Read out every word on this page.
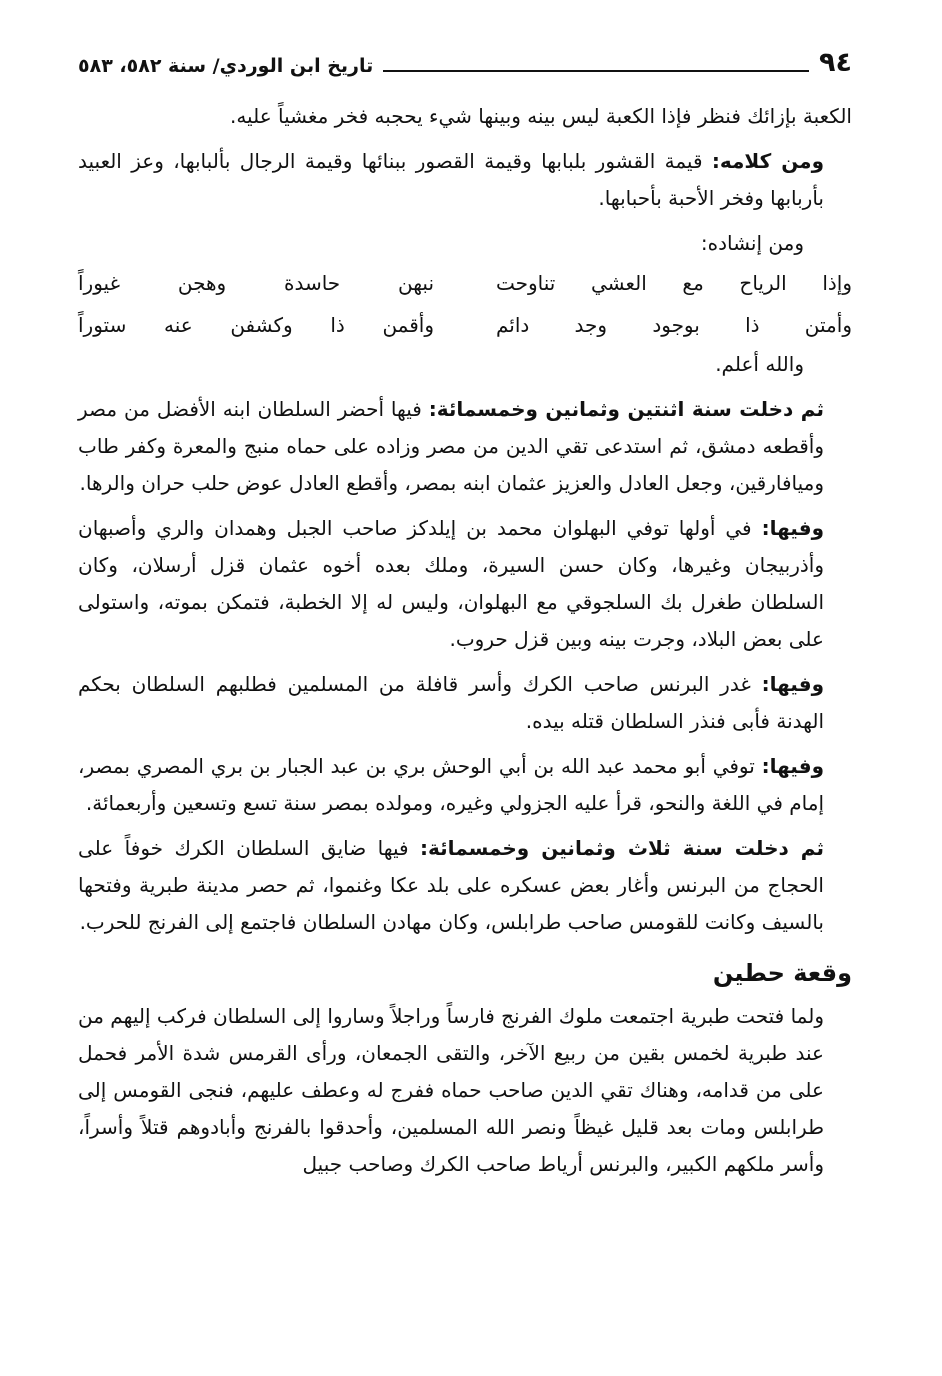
٩٤
تاريخ ابن الوردي/ سنة ٥٨٢، ٥٨٣

الكعبة بإزائك فنظر فإذا الكعبة ليس بينه وبينها شيء يحجبه فخر مغشياً عليه.

ومن كلامه: قيمة القشور بلبابها وقيمة القصور ببنائها وقيمة الرجال بألبابها، وعز العبيد بأربابها وفخر الأحبة بأحبابها.

ومن إنشاده:

وإذا الرياح مع العشي تناوحت
نبهن حاسدة وهجن غيوراً
وأمتن ذا بوجود وجد دائم
وأقمن ذا وكشفن عنه ستوراً

والله أعلم.

ثم دخلت سنة اثنتين وثمانين وخمسمائة: فيها أحضر السلطان ابنه الأفضل من مصر وأقطعه دمشق، ثم استدعى تقي الدين من مصر وزاده على حماه منبج والمعرة وكفر طاب وميافارقين، وجعل العادل والعزيز عثمان ابنه بمصر، وأقطع العادل عوض حلب حران والرها.

وفيها: في أولها توفي البهلوان محمد بن إيلدكز صاحب الجبل وهمدان والري وأصبهان وأذربيجان وغيرها، وكان حسن السيرة، وملك بعده أخوه عثمان قزل أرسلان، وكان السلطان طغرل بك السلجوقي مع البهلوان، وليس له إلا الخطبة، فتمكن بموته، واستولى على بعض البلاد، وجرت بينه وبين قزل حروب.

وفيها: غدر البرنس صاحب الكرك وأسر قافلة من المسلمين فطلبهم السلطان بحكم الهدنة فأبى فنذر السلطان قتله بيده.

وفيها: توفي أبو محمد عبد الله بن أبي الوحش بري بن عبد الجبار بن بري المصري بمصر، إمام في اللغة والنحو، قرأ عليه الجزولي وغيره، ومولده بمصر سنة تسع وتسعين وأربعمائة.

ثم دخلت سنة ثلاث وثمانين وخمسمائة: فيها ضايق السلطان الكرك خوفاً على الحجاج من البرنس وأغار بعض عسكره على بلد عكا وغنموا، ثم حصر مدينة طبرية وفتحها بالسيف وكانت للقومس صاحب طرابلس، وكان مهادن السلطان فاجتمع إلى الفرنج للحرب.

وقعة حطين

ولما فتحت طبرية اجتمعت ملوك الفرنج فارساً وراجلاً وساروا إلى السلطان فركب إليهم من عند طبرية لخمس بقين من ربيع الآخر، والتقى الجمعان، ورأى القرمس شدة الأمر فحمل على من قدامه، وهناك تقي الدين صاحب حماه ففرج له وعطف عليهم، فنجى القومس إلى طرابلس ومات بعد قليل غيظاً ونصر الله المسلمين، وأحدقوا بالفرنج وأبادوهم قتلاً وأسراً، وأسر ملكهم الكبير، والبرنس أرياط صاحب الكرك وصاحب جبيل
